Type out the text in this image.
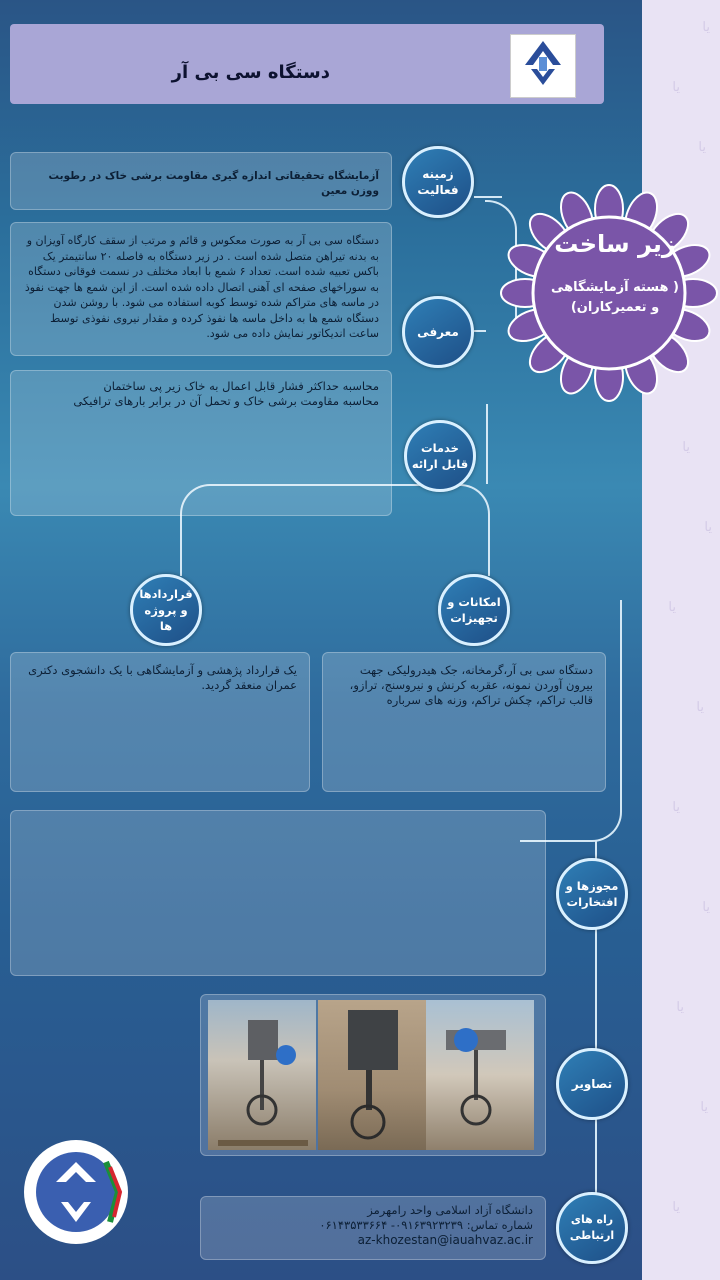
ﻳﺎ
ﻳﺎ
ﻳﺎ
ﻳﺎ
ﻳﺎ
ﻳﺎ
ﻳﺎ
ﻳﺎ
ﻳﺎ
ﻳﺎ
ﻳﺎ
ﻳﺎ
دستگاه سی بی آر
زیر ساخت
( هسته آزمایشگاهی
و تعمیرکاران)
آزمایشگاه تحقیقاتی اندازه گیری مقاومت برشی خاک در رطوبت ووزن معین
زمینه فعالیت
دستگاه سی بی آر به صورت معکوس و قائم و مرتب از سقف کارگاه آویزان و به بدنه تیراهن متصل شده است . در زیر دستگاه به فاصله ۲۰ سانتیمتر یک باکس تعبیه شده است. تعداد ۶ شمع با ابعاد مختلف در نسمت فوقانی دستگاه به سوراخهای صفحه ای آهنی اتصال داده شده است. از این شمع ها جهت نفوذ در ماسه های متراکم شده توسط کوبه استفاده می شود. با روشن شدن دستگاه شمع ها به داخل ماسه ها نفوذ کرده و مقدار نیروی نفوذی توسط ساعت اندیکاتور نمایش داده می شود.	معرفی
محاسبه حداکثر فشار قابل اعمال به خاک زیر پی ساختمان
محاسبه مقاومت برشی خاک و تحمل آن در برابر بارهای ترافیکی
خدمات قابل ارائه
قراردادها و پروژه ها
یک قرارداد پژهشی و آزمایشگاهی با یک دانشجوی دکتری عمران منعقد گردید.
امکانات و تجهیزات
دستگاه سی بی آر،گرمخانه، جک هیدرولیکی جهت بیرون آوردن نمونه، عقربه کرنش و نیروسنج، ترازو، قالب تراکم، چکش تراکم، وزنه های سرباره
مجوزها و افتخارات
تصاویر
دانشگاه آزاد اسلامی واحد رامهرمز
شماره تماس: ۰۹۱۶۳۹۲۳۲۳۹- ۰۶۱۴۳۵۳۳۶۶۴
az-khozestan@iauahvaz.ac.ir
راه های ارتباطی
